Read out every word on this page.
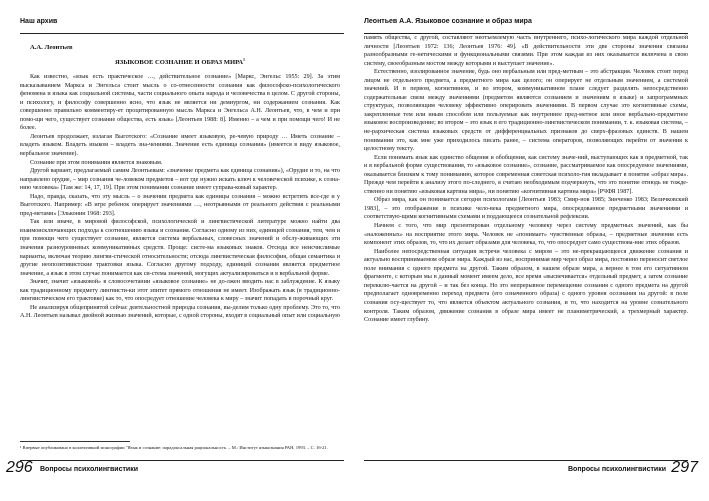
Наш архив

А.А. Леонтьев

ЯЗЫКОВОЕ СОЗНАНИЕ И ОБРАЗ МИРА$^1$

Как известно, «язык есть практическое …, действительное сознание» [Маркс, Энгельс 1955: 29]. За этим высказыванием Маркса и Энгельса стоит мысль о со-отнесенности сознания как философско-психологического феномена и языка как социальной системы, части социального опыта народа и человечества в целом. С другой стороны, и психологу, и философу совершенно ясно, что язык не является ни демиургом, ни содержанием сознания. Как совершенно правильно комментиру-ет процитированную мысль Маркса и Энгельса А.Н. Леонтьев, что, в чем и при помо-щи чего, существует сознание общества, есть язык» [Леонтьев 1988: 8]. Именно – а чем и при помощи чего! И не более.

Леонтьев продолжает, излагая Выготского: «Сознание имеет языковую, ре-чевую природу … Иметь сознание – владеть языком. Владеть языком – владеть зна-чениями. Значение есть единица сознания» (имеется в виду языковое, вербальное значение).

Сознание при этом понимания является знаковым.

Другой вариант, предлагаемый самим Леонтьевым: «значение предмета как единица сознания»), «Орудие и то, на что направлено орудие, – мир сознания че-ловеком предметов – вот где нужно искать ключ к человеческой психике, к созна-нию человека» [Там же: 14, 17, 19]. При этом понимании сознание имеет суправа-ковый характер.

Надо, правда, сказать, что эту мысль – о значении предмета как единицы сознания – можно встретить все-где и у Выготского. Например: «В игре ребенок оперирует значениями …, неотрывными от реального действия с реальными пред-метами» [Эльконин 1968: 293].

Так или иначе, в мировой философской, психологической и лингвистической литературе можно найти два взаимоисключающих подхода к соотношению языка и сознания. Согласно одному из них, единицей сознания, тем, чем и при помощи чего существует сознание, является система вербальных, словесных значений и обслу-живающих эти значения разноуровневых коммуникативных средств. Проще: систе-ма языковых знаков. Отсюда все неисчислимые варианты, включая теорию лингви-стической относительности; отсюда лингвистическая философия, общая семантика и другие неопозитивистские трактовки языка. Согласно другому подходу, единицей сознания является предметное значение, а язык в этом случае понимается как си-стема значений, могущих актуализироваться и в вербальной форме.

Значит, значит «языковой» в словосочетании «языковое сознание» не до-лжен вводить нас в заблуждение. К языку как традиционному предмету лингвисти-ки этот эпитет прямого отношения не имеет. Изображать язык (в традиционно-лингвистическом его трактовке) как то, что опосредует отношение человека к миру – значит попадать в порочный круг.

Не анализируя общепринятой сейчас деятельностной природы сознания, вы-делим только одну проблему. Это то, что А.Н. Леонтьев называл двойной жизнью значений, которые, с одной стороны, входят в социальный опыт или социальную

¹ Впервые опубликовано в коллективной монографии "Язык и сознание: парадоксальная рациональность. – М.: Институт языкознания РАН, 1993. – С. 16-21.
296 Вопросы психолингвистики
Леонтьев А.А. Языковое сознание и образ мира

память общества, с другой, составляют неотъемлемую часть внутреннего, психо-логического мира каждой отдельной личности [Леонтьев 1972: 136; Леонтьев 1976: 49]. «В действительности эти две стороны значения связаны разнообразными ге-нетическими и функциональными связями. При этом каждая из них оказывается включена в свою систему, своеобразным мостом между которыми и выступает значение».

Естественно, изолированное значение, будь оно вербальным или пред-метным – это абстракция. Человек стоит перед лицом не отдельного предмета, а предметного мира как целого; он оперирует не отдельным значением, а системой значений. И в первом, когнитивном, и во втором, коммуникативном плане следует разделять непосредственно содержательные связи между значениями (предметом являются сознанием и значениям в языке) и запрограммных структурах, позволяющим человеку эффективно оперировать значениями. В первом случае это когнитивные схемы, закрепленные тем или иным способом или пользуемые как внутреннее пред-метное или иное вербально-предметное языковое воспроизведение; во втором – это язык в его традиционно-лингвистическом понимании, т. к. языковая система, – не-рархическая система языковых средств от дифференциальных признаков до сверх-фразовых единств. В нашем понимании это, как мне уже приходилось писать ранее, – система операторов, позволяющих перейти от значения к целостному тексту.

Если понимать язык как единство общения и обобщения, как систему значе-ний, выступающих как в предметной, так и в вербальной форме существования, то «языковое сознание», сознание, рассматриваемое как опосредуемое значениями, оказывается близким к тому пониманию, которое современная советская психоло-гия вкладывает в понятие «образ мира». Прежде чем перейти к анализу этого по-следнего, я считаю необходимым подчеркнуть, что это понятие отнюдь не тожде-ственно ни понятию «языковая картина мира», ни понятию «когнитивная картина мира» [РЧФЯ 1987].

Образ мира, как он понимается сегодня психологами [Леонтьев 1983; Смир-нов 1985; Зинченко 1983; Величковский 1983], – это отображение в психике чело-века предметного мира, опосредованное предметными значениями и соответствую-щими когнитивными схемами и поддающееся сознательной рефлексии.

Начнем с того, что мир презентирован отдельному человеку через систему предметных значений, как бы «наложенных» на восприятие этого мира. Человек не «понимает» чувственные образы, – предметные значения есть компонент этих образов, то, что их делает образами для человека, то, что опосредует само существова-ние этих образов.

Наиболее непосредственная ситуация встречи человека с миром – это не-прекращающееся движение сознания и актуально воспринимаемом образе мира. Каждый из нас, воспринимая мир через образ мира, постоянно переносит светлое поле внимания с одного предмета на другой. Таким образом, в нашем образе мира, а вернее в том его ситуативном фрагменте, с которым мы в данный момент имеем дело, все время «высвечивается» отдельный предмет, а затем сознание перекклю-чается на другой – и так без конца. Но это непрерывное перемещение сознания с одного предмета на другой предполагает одновременно переход предмета (его означенного образа) с одного уровня осознания на другой: в поле сознания осу-ществует то, что является объектом актуального сознания, и то, что находится на уровне сознательного контроля. Таким образом, движение сознания в образе мира имеет не планиметрический, а трехмерный характер. Сознание имеет глубину.

Вопросы психолингвистики 297
